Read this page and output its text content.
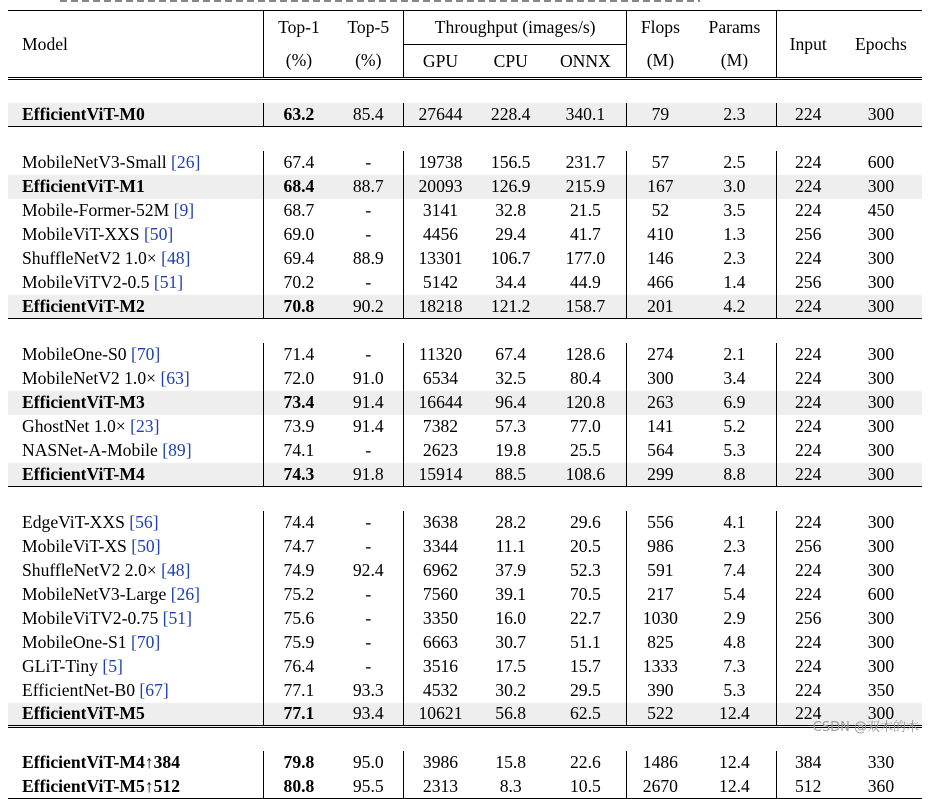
Model	Top-1	Top-5	Throughput (images/s)			Flops	Params	Input	Epochs
	(%)	(%)	GPU	CPU	ONNX	(M)	(M)		

EfficientViT-M0	63.2	85.4	27644	228.4	340.1	79	2.3	224	300

MobileNetV3-Small [26]	67.4	-	19738	156.5	231.7	57	2.5	224	600
EfficientViT-M1	68.4	88.7	20093	126.9	215.9	167	3.0	224	300
Mobile-Former-52M [9]	68.7	-	3141	32.8	21.5	52	3.5	224	450
MobileViT-XXS [50]	69.0	-	4456	29.4	41.7	410	1.3	256	300
ShuffleNetV2 1.0× [48]	69.4	88.9	13301	106.7	177.0	146	2.3	224	300
MobileViTV2-0.5 [51]	70.2	-	5142	34.4	44.9	466	1.4	256	300
EfficientViT-M2	70.8	90.2	18218	121.2	158.7	201	4.2	224	300

MobileOne-S0 [70]	71.4	-	11320	67.4	128.6	274	2.1	224	300
MobileNetV2 1.0× [63]	72.0	91.0	6534	32.5	80.4	300	3.4	224	300
EfficientViT-M3	73.4	91.4	16644	96.4	120.8	263	6.9	224	300
GhostNet 1.0× [23]	73.9	91.4	7382	57.3	77.0	141	5.2	224	300
NASNet-A-Mobile [89]	74.1	-	2623	19.8	25.5	564	5.3	224	300
EfficientViT-M4	74.3	91.8	15914	88.5	108.6	299	8.8	224	300

EdgeViT-XXS [56]	74.4	-	3638	28.2	29.6	556	4.1	224	300
MobileViT-XS [50]	74.7	-	3344	11.1	20.5	986	2.3	256	300
ShuffleNetV2 2.0× [48]	74.9	92.4	6962	37.9	52.3	591	7.4	224	300
MobileNetV3-Large [26]	75.2	-	7560	39.1	70.5	217	5.4	224	600
MobileViTV2-0.75 [51]	75.6	-	3350	16.0	22.7	1030	2.9	256	300
MobileOne-S1 [70]	75.9	-	6663	30.7	51.1	825	4.8	224	300
GLiT-Tiny [5]	76.4	-	3516	17.5	15.7	1333	7.3	224	300
EfficientNet-B0 [67]	77.1	93.3	4532	30.2	29.5	390	5.3	224	350
EfficientViT-M5	77.1	93.4	10621	56.8	62.5	522	12.4	224	300

EfficientViT-M4↑384	79.8	95.0	3986	15.8	22.6	1486	12.4	384	330
EfficientViT-M5↑512	80.8	95.5	2313	8.3	10.5	2670	12.4	512	360
CSDN @双木的木
